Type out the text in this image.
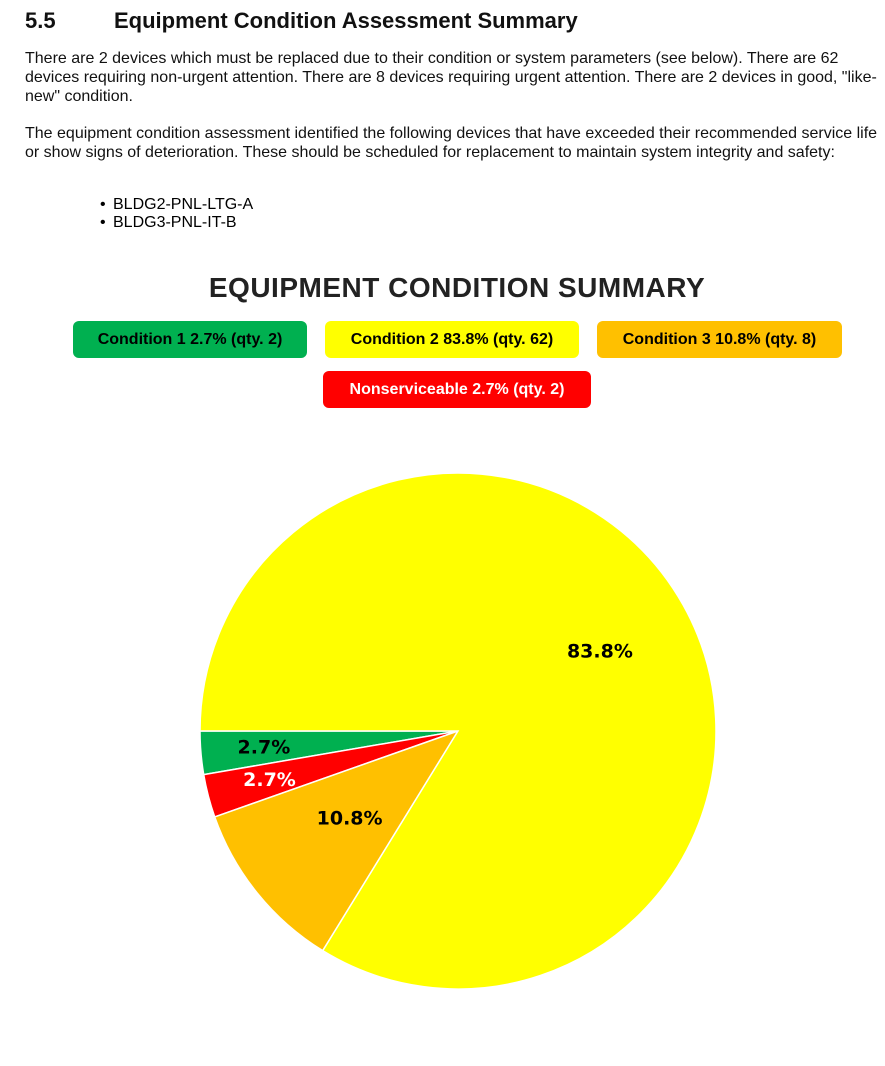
5.5	Equipment Condition Assessment Summary

There are 2 devices which must be replaced due to their condition or system parameters (see below). There are 62 devices requiring non-urgent attention. There are 8 devices requiring urgent attention. There are 2 devices in good, "like-new" condition.

The equipment condition assessment identified the following devices that have exceeded their recommended service life or show signs of deterioration. These should be scheduled for replacement to maintain system integrity and safety:

• BLDG2-PNL-LTG-A
• BLDG3-PNL-IT-B
EQUIPMENT CONDITION SUMMARY
Condition 1 2.7% (qty. 2)	Condition 2 83.8% (qty. 62)	Condition 3 10.8% (qty. 8)
Nonserviceable 2.7% (qty. 2)
2.7%
2.7%
10.8%
83.8%
